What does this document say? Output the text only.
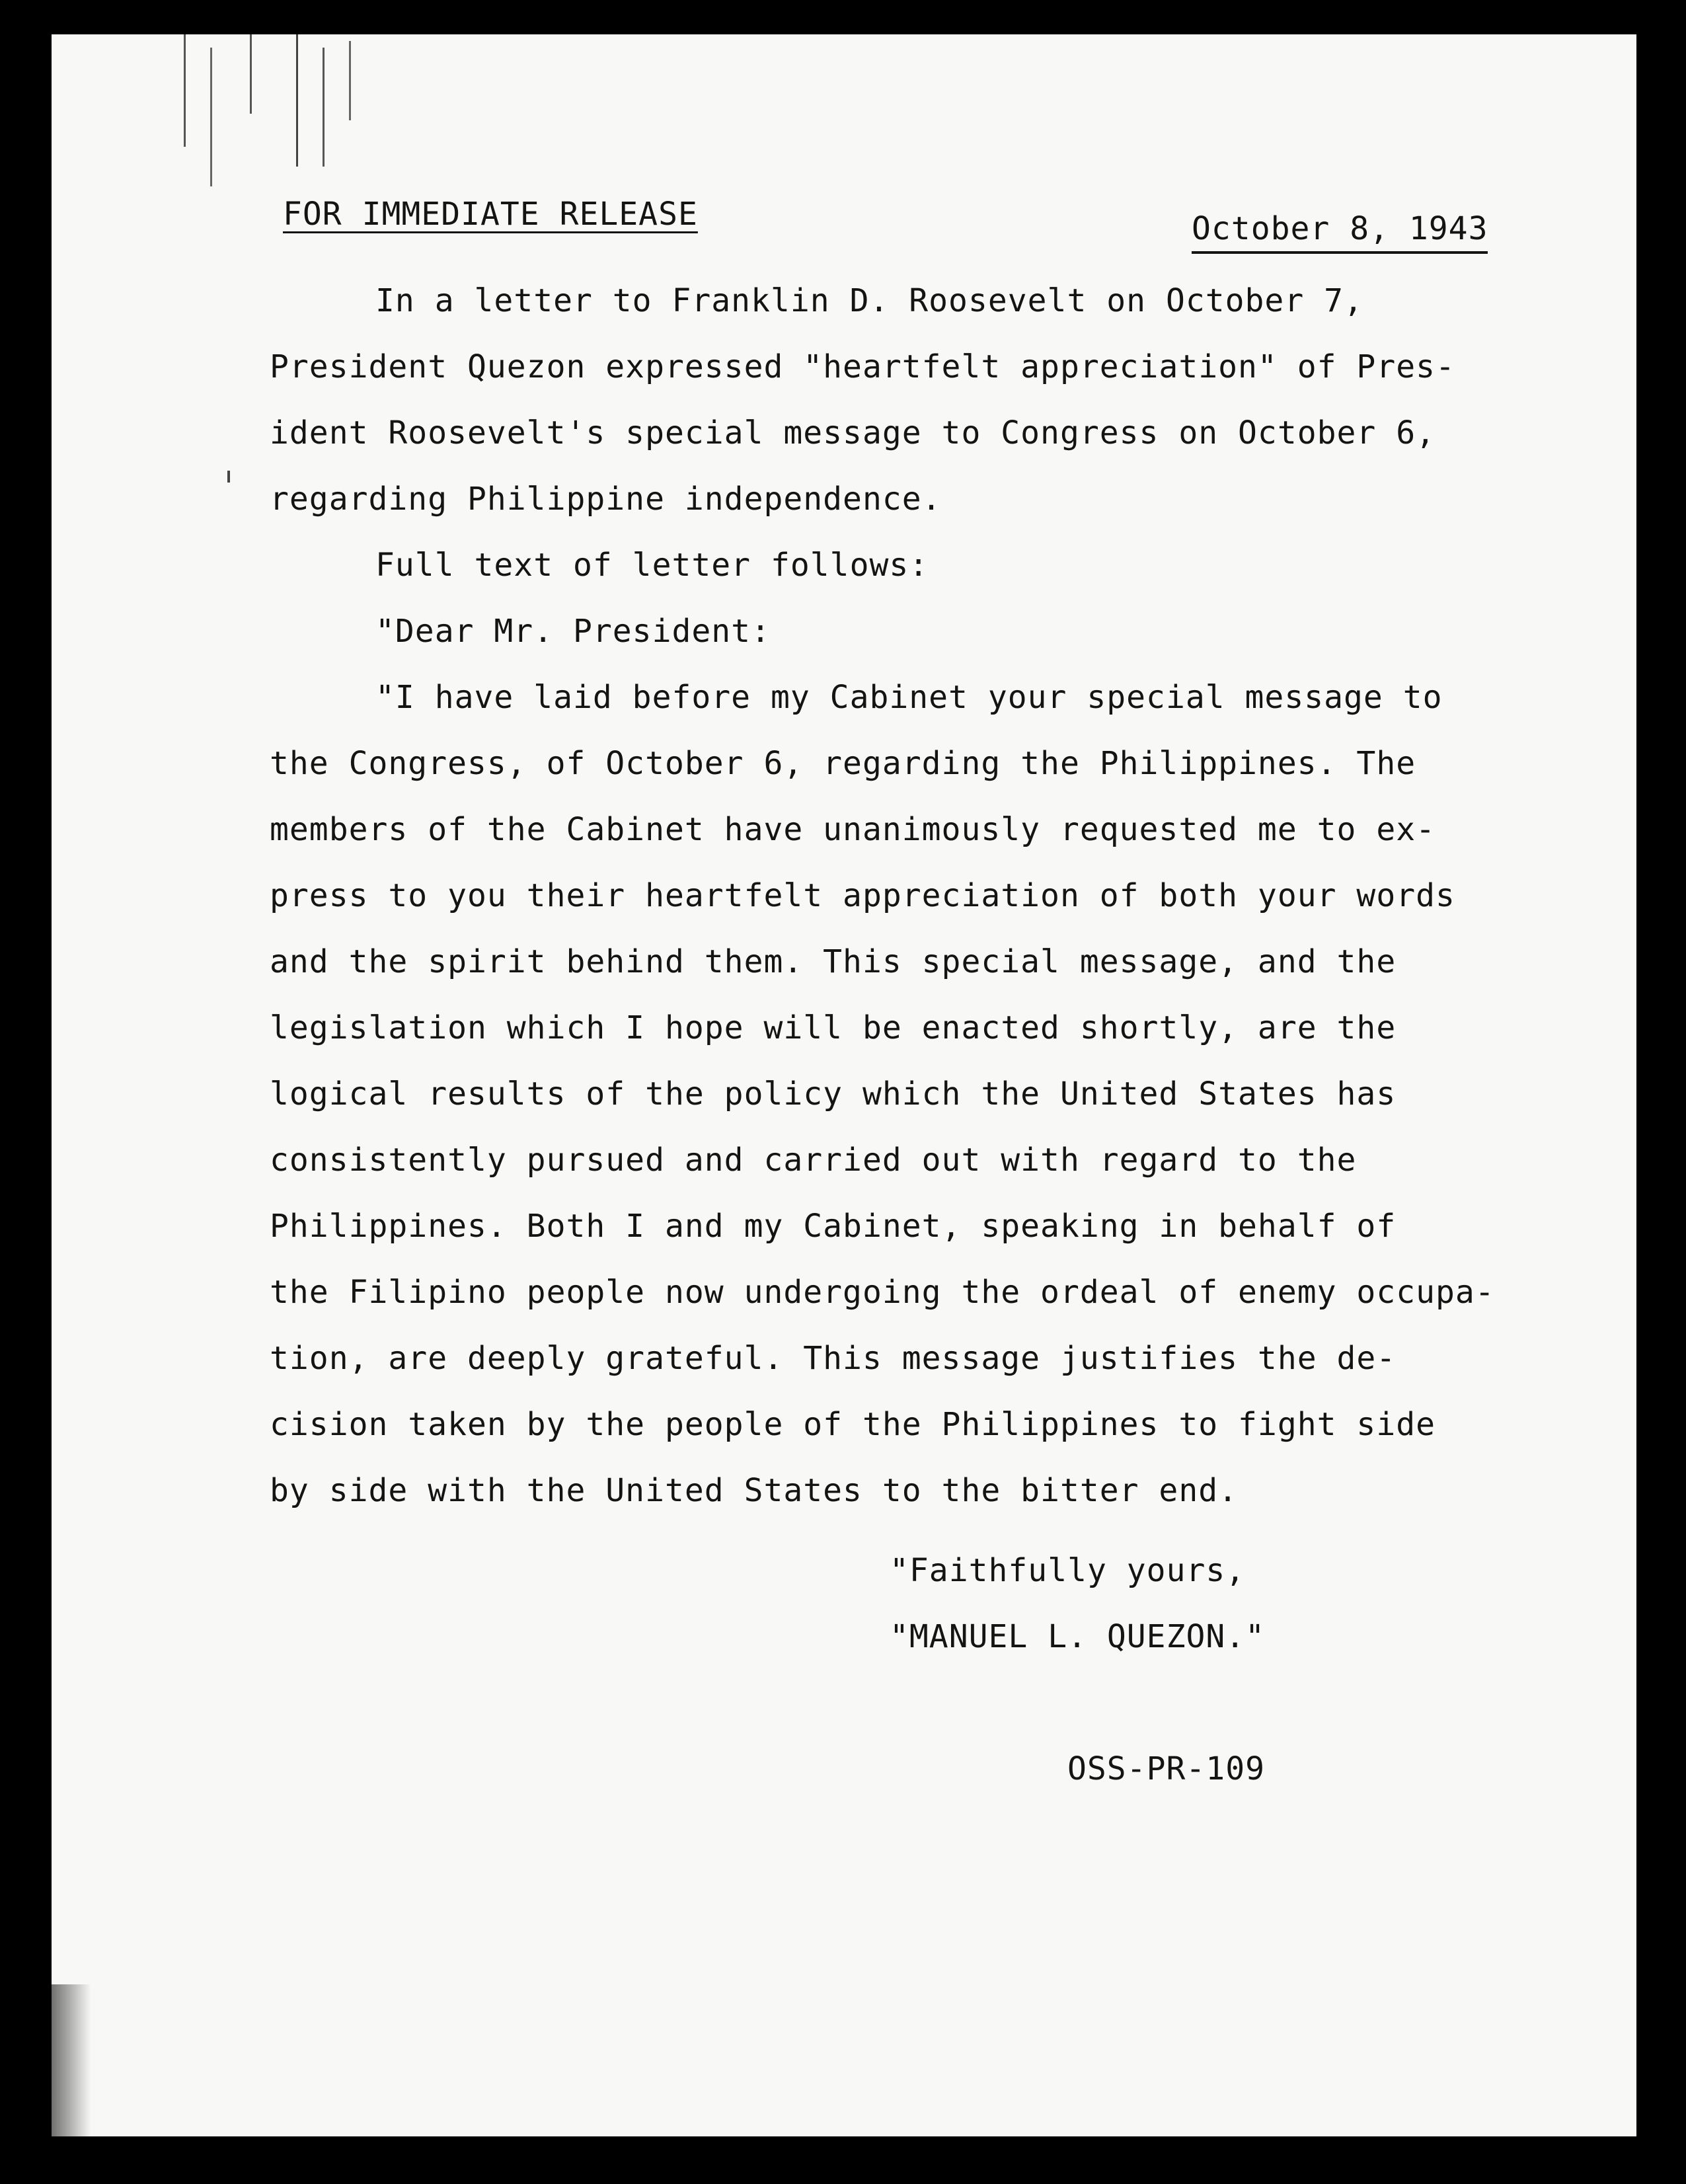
FOR IMMEDIATE RELEASE	October 8, 1943
In a letter to Franklin D. Roosevelt on October 7,
President Quezon expressed "heartfelt appreciation" of Pres-
ident Roosevelt's special message to Congress on October 6,
regarding Philippine independence.
Full text of letter follows:
"Dear Mr. President:
"I have laid before my Cabinet your special message to
the Congress, of October 6, regarding the Philippines. The
members of the Cabinet have unanimously requested me to ex-
press to you their heartfelt appreciation of both your words
and the spirit behind them. This special message, and the
legislation which I hope will be enacted shortly, are the
logical results of the policy which the United States has
consistently pursued and carried out with regard to the
Philippines. Both I and my Cabinet, speaking in behalf of
the Filipino people now undergoing the ordeal of enemy occupa-
tion, are deeply grateful. This message justifies the de-
cision taken by the people of the Philippines to fight side
by side with the United States to the bitter end.
"Faithfully yours,
"MANUEL L. QUEZON."
OSS-PR-109
